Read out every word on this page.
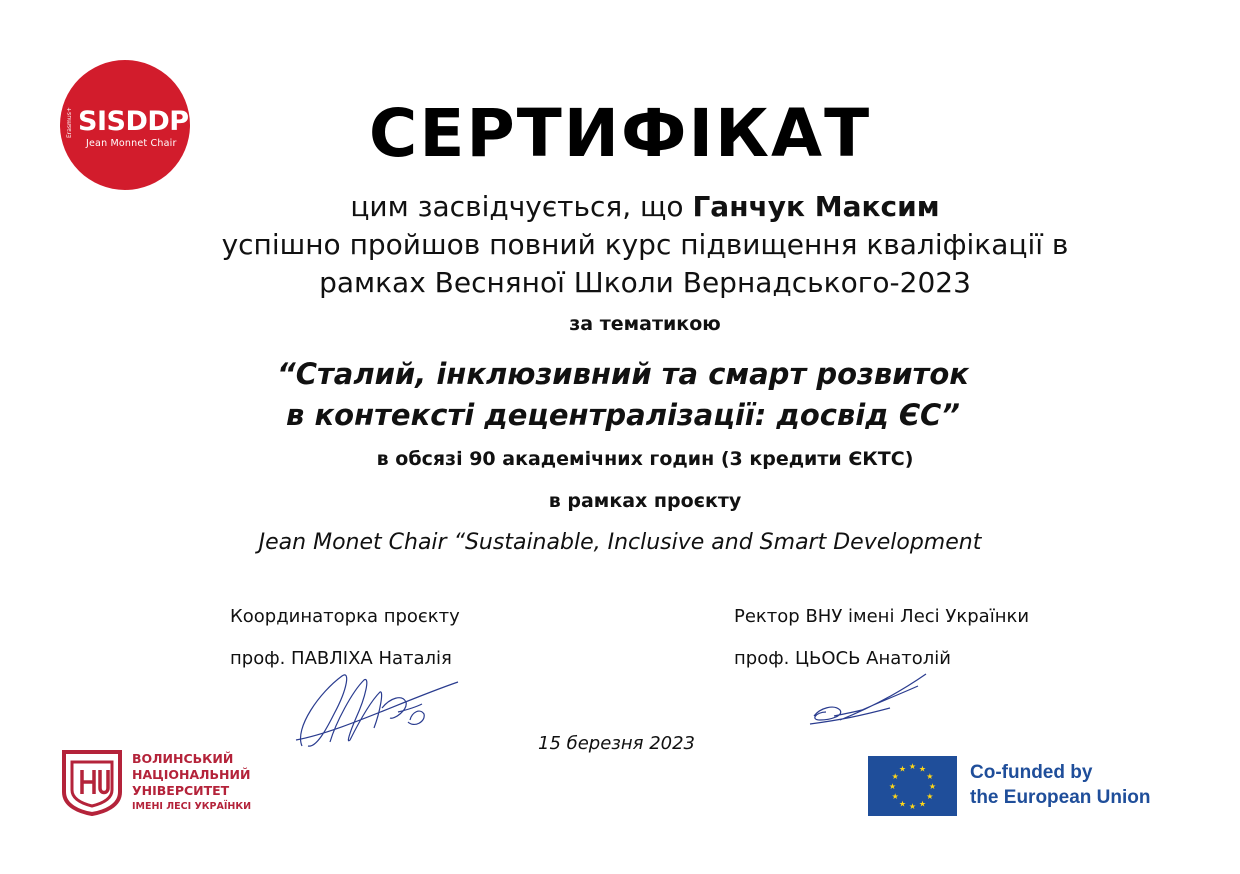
Erasmus+ SISDDP
Jean Monnet Chair	СЕРТИФІКАТ
цим засвідчується, що Ганчук Максим
успішно пройшов повний курс підвищення кваліфікації в
рамках Весняної Школи Вернадського-2023
за тематикою
“Сталий, інклюзивний та смарт розвиток
в контексті децентралізації: досвід ЄС”
в обсязі 90 академічних годин (3 кредити ЄКТС)
в рамках проєкту
Jean Monet Chair “Sustainable, Inclusive and Smart Development
Координаторка проєкту
проф. ПАВЛІХА Наталія
Ректор ВНУ імені Лесі Українки
проф. ЦЬОСЬ Анатолій
15 березня 2023
ВОЛИНСЬКИЙ
НАЦІОНАЛЬНИЙ
УНІВЕРСИТЕТ
ІМЕНІ ЛЕСІ УКРАЇНКИ
★ ★
★
★
★
★
★
★
★
★
★
★	Co-funded by
the European Union
